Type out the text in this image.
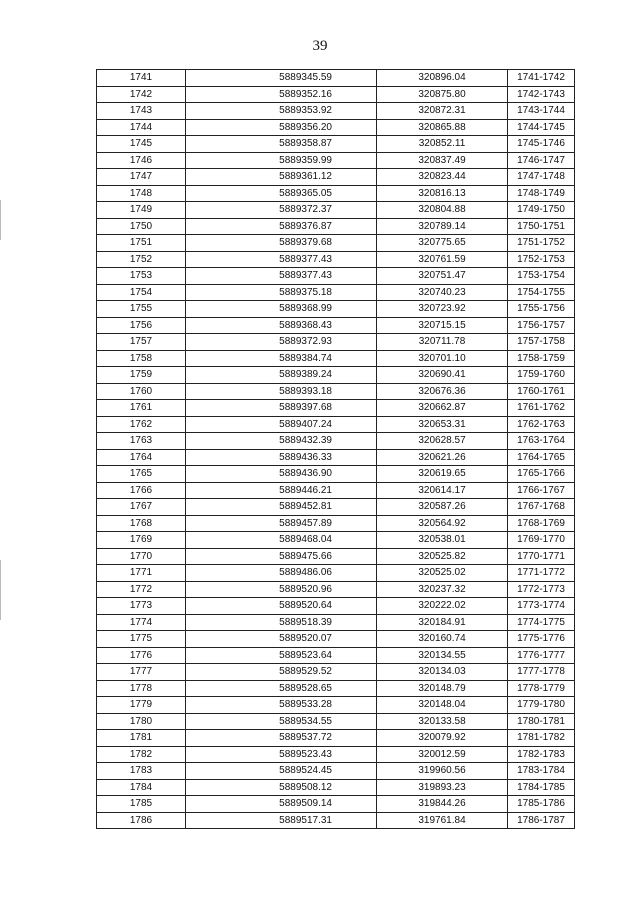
39
1741	5889345.59	320896.04	1741-1742
1742	5889352.16	320875.80	1742-1743
1743	5889353.92	320872.31	1743-1744
1744	5889356.20	320865.88	1744-1745
1745	5889358.87	320852.11	1745-1746
1746	5889359.99	320837.49	1746-1747
1747	5889361.12	320823.44	1747-1748
1748	5889365.05	320816.13	1748-1749
1749	5889372.37	320804.88	1749-1750
1750	5889376.87	320789.14	1750-1751
1751	5889379.68	320775.65	1751-1752
1752	5889377.43	320761.59	1752-1753
1753	5889377.43	320751.47	1753-1754
1754	5889375.18	320740.23	1754-1755
1755	5889368.99	320723.92	1755-1756
1756	5889368.43	320715.15	1756-1757
1757	5889372.93	320711.78	1757-1758
1758	5889384.74	320701.10	1758-1759
1759	5889389.24	320690.41	1759-1760
1760	5889393.18	320676.36	1760-1761
1761	5889397.68	320662.87	1761-1762
1762	5889407.24	320653.31	1762-1763
1763	5889432.39	320628.57	1763-1764
1764	5889436.33	320621.26	1764-1765
1765	5889436.90	320619.65	1765-1766
1766	5889446.21	320614.17	1766-1767
1767	5889452.81	320587.26	1767-1768
1768	5889457.89	320564.92	1768-1769
1769	5889468.04	320538.01	1769-1770
1770	5889475.66	320525.82	1770-1771
1771	5889486.06	320525.02	1771-1772
1772	5889520.96	320237.32	1772-1773
1773	5889520.64	320222.02	1773-1774
1774	5889518.39	320184.91	1774-1775
1775	5889520.07	320160.74	1775-1776
1776	5889523.64	320134.55	1776-1777
1777	5889529.52	320134.03	1777-1778
1778	5889528.65	320148.79	1778-1779
1779	5889533.28	320148.04	1779-1780
1780	5889534.55	320133.58	1780-1781
1781	5889537.72	320079.92	1781-1782
1782	5889523.43	320012.59	1782-1783
1783	5889524.45	319960.56	1783-1784
1784	5889508.12	319893.23	1784-1785
1785	5889509.14	319844.26	1785-1786
1786	5889517.31	319761.84	1786-1787
